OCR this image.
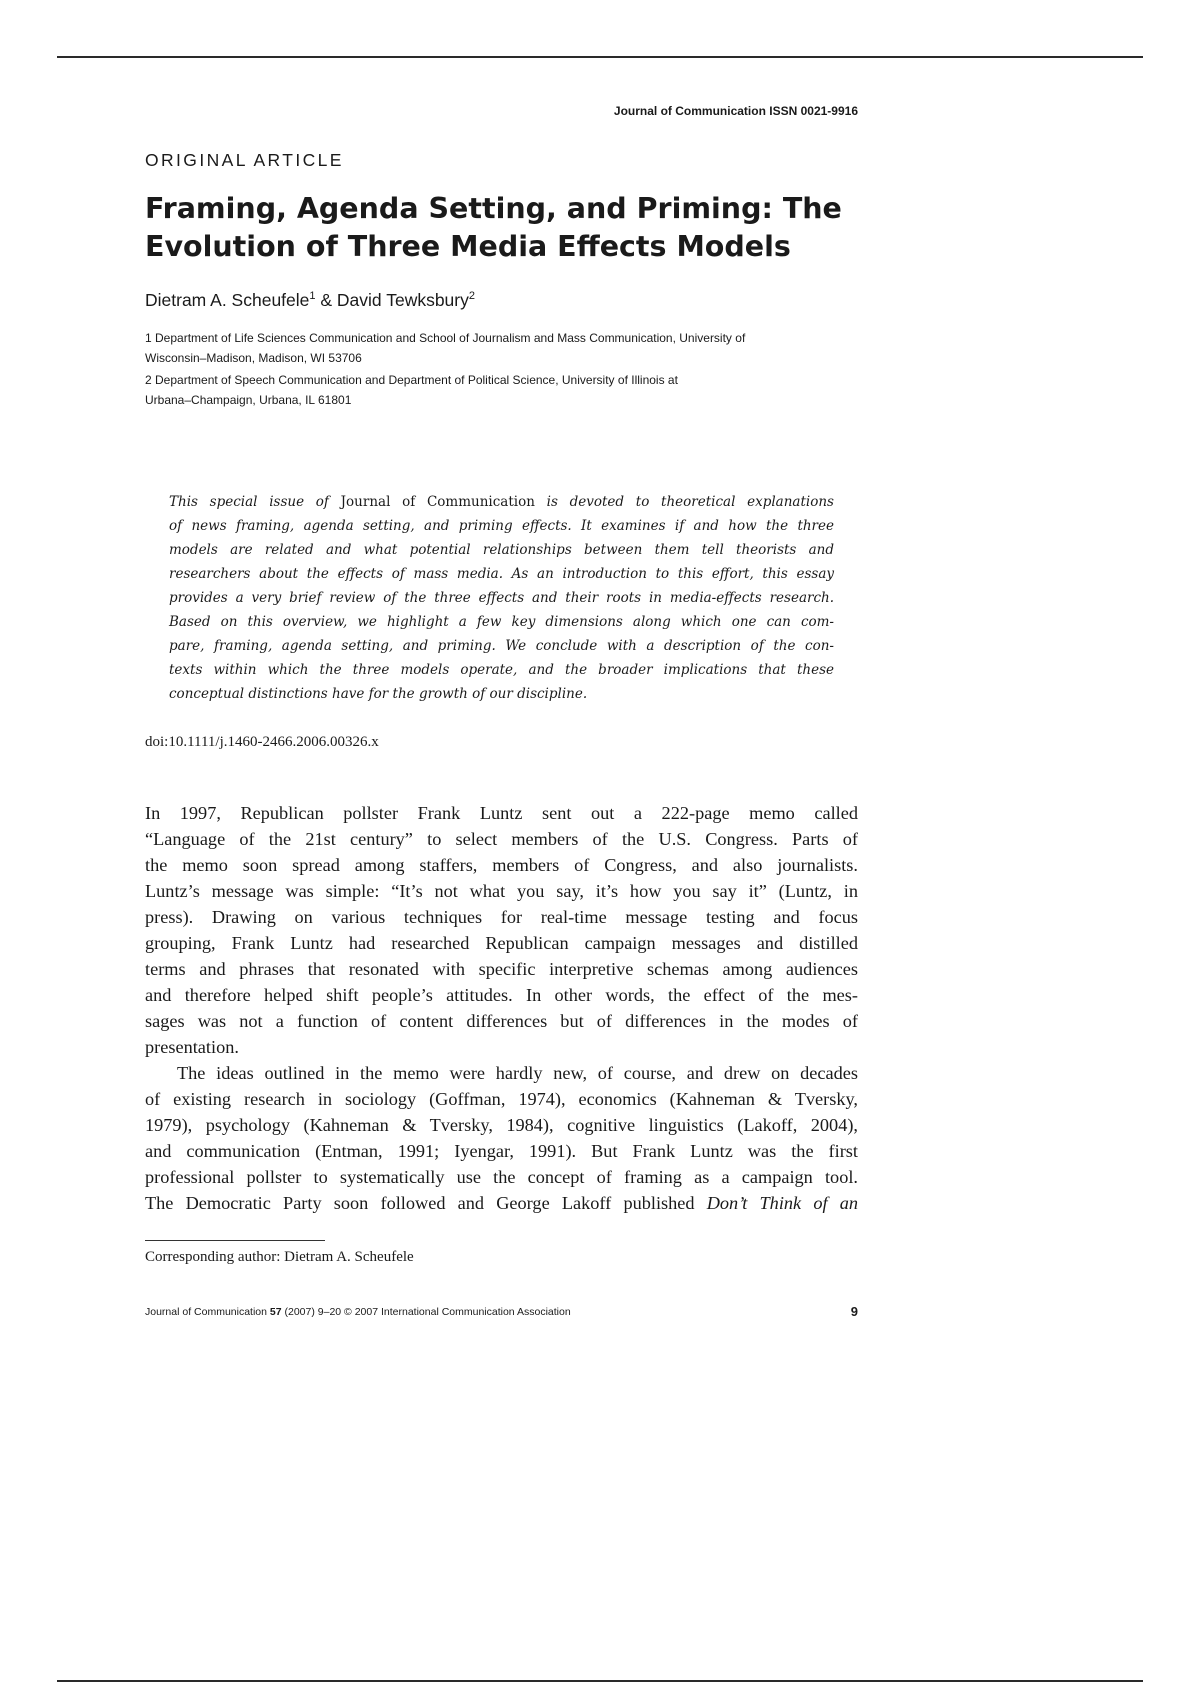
Journal of Communication ISSN 0021-9916
ORIGINAL ARTICLE
Framing, Agenda Setting, and Priming: The
Evolution of Three Media Effects Models
Dietram A. Scheufele$^1$ & David Tewksbury$^2$
1 Department of Life Sciences Communication and School of Journalism and Mass Communication, University of
Wisconsin–Madison, Madison, WI 53706
2 Department of Speech Communication and Department of Political Science, University of Illinois at
Urbana–Champaign, Urbana, IL 61801
This special issue of Journal of Communication is devoted to theoretical explanations
of news framing, agenda setting, and priming effects. It examines if and how the three
models are related and what potential relationships between them tell theorists and
researchers about the effects of mass media. As an introduction to this effort, this essay
provides a very brief review of the three effects and their roots in media-effects research.
Based on this overview, we highlight a few key dimensions along which one can com-
pare, framing, agenda setting, and priming. We conclude with a description of the con-
texts within which the three models operate, and the broader implications that these
conceptual distinctions have for the growth of our discipline.
doi:10.1111/j.1460-2466.2006.00326.x
In 1997, Republican pollster Frank Luntz sent out a 222-page memo called
“Language of the 21st century” to select members of the U.S. Congress. Parts of
the memo soon spread among staffers, members of Congress, and also journalists.
Luntz’s message was simple: “It’s not what you say, it’s how you say it” (Luntz, in
press). Drawing on various techniques for real-time message testing and focus
grouping, Frank Luntz had researched Republican campaign messages and distilled
terms and phrases that resonated with specific interpretive schemas among audiences
and therefore helped shift people’s attitudes. In other words, the effect of the mes-
sages was not a function of content differences but of differences in the modes of
presentation.
The ideas outlined in the memo were hardly new, of course, and drew on decades
of existing research in sociology (Goffman, 1974), economics (Kahneman & Tversky,
1979), psychology (Kahneman & Tversky, 1984), cognitive linguistics (Lakoff, 2004),
and communication (Entman, 1991; Iyengar, 1991). But Frank Luntz was the first
professional pollster to systematically use the concept of framing as a campaign tool.
The Democratic Party soon followed and George Lakoff published Don’t Think of an
Corresponding author: Dietram A. Scheufele
Journal of Communication 57 (2007) 9–20 © 2007 International Communication Association	9
